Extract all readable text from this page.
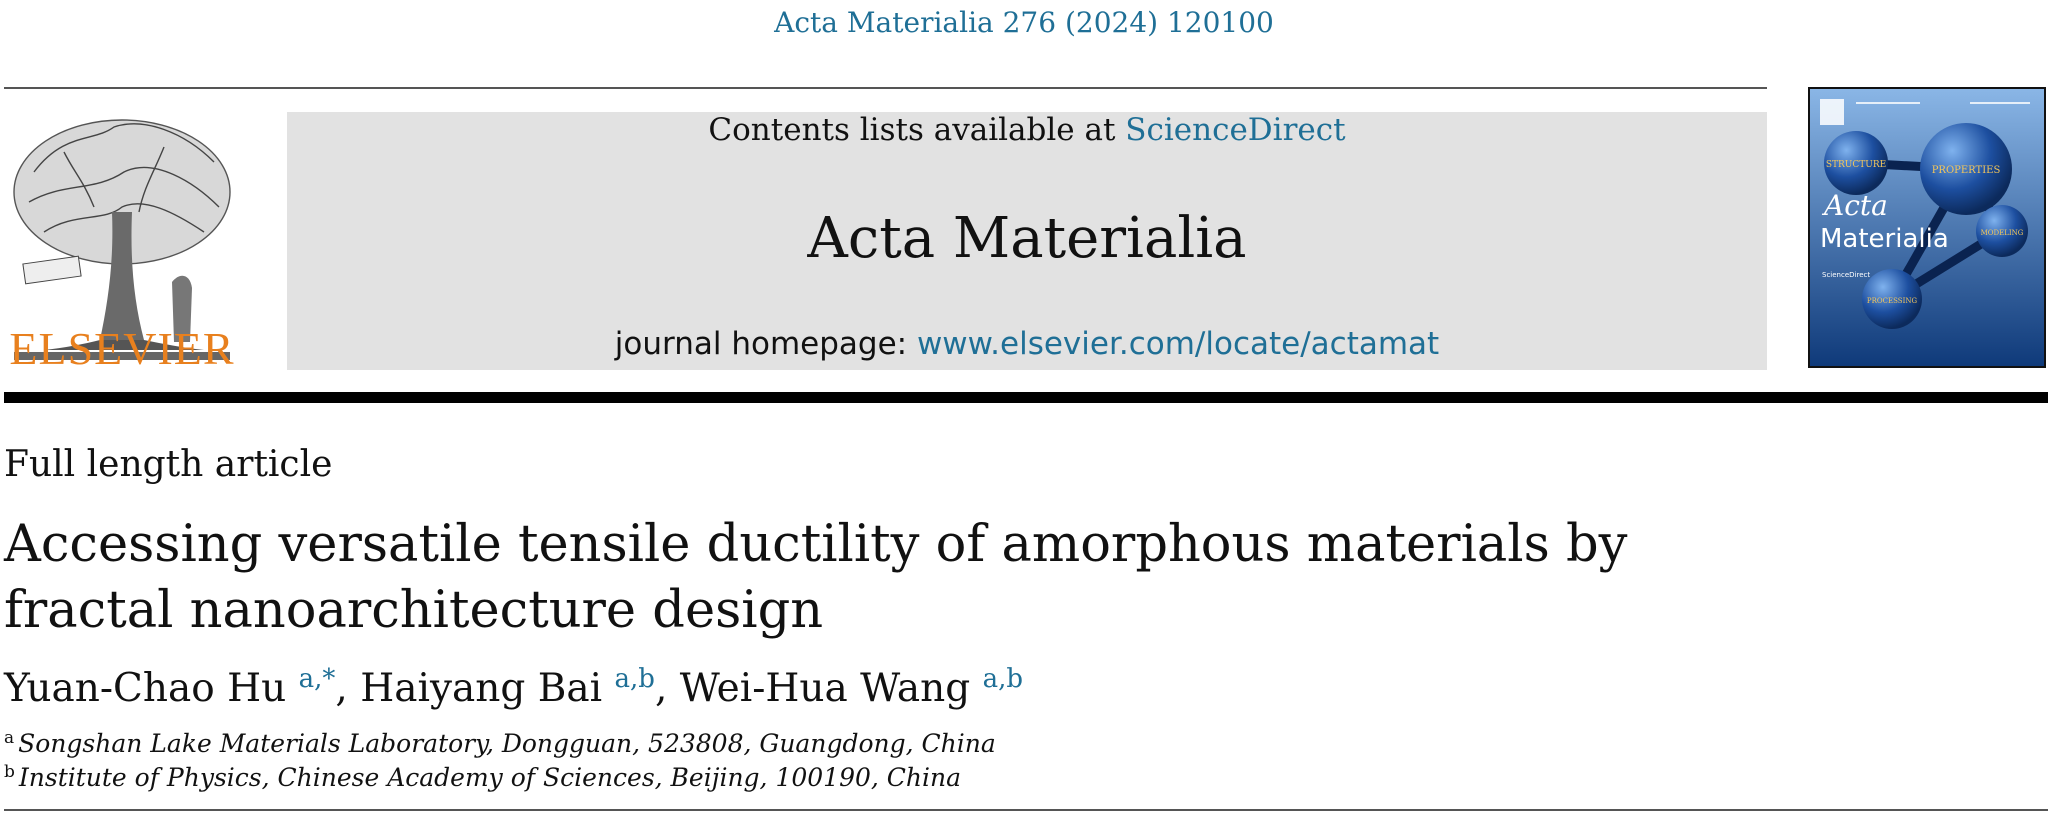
Acta Materialia 276 (2024) 120100
ELSEVIER
Contents lists available at ScienceDirect
Acta Materialia
journal homepage: www.elsevier.com/locate/actamat
STRUCTURE	PROPERTIES
MODELING
PROCESSING
Acta
Materialia
ScienceDirect
Full length article
Accessing versatile tensile ductility of amorphous materials by fractal nanoarchitecture design
Yuan-Chao Hu $^{a,*}$, Haiyang Bai $^{a,b}$, Wei-Hua Wang $^{a,b}$
$^a$ Songshan Lake Materials Laboratory, Dongguan, 523808, Guangdong, China
$^b$ Institute of Physics, Chinese Academy of Sciences, Beijing, 100190, China
